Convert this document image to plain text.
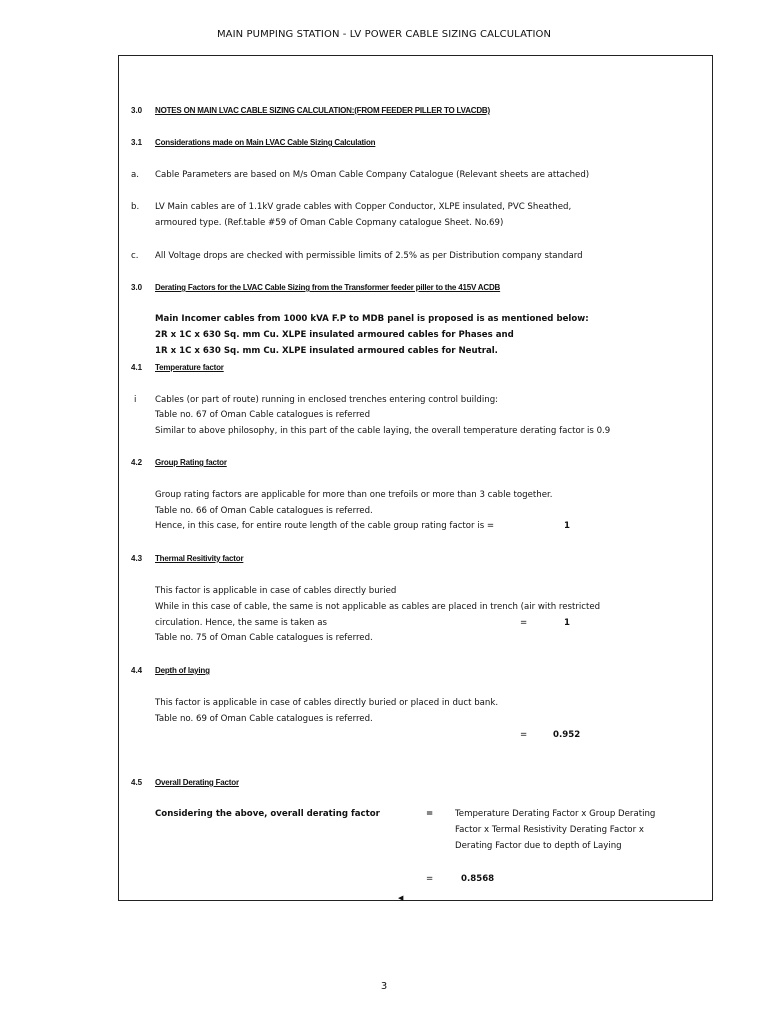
MAIN PUMPING STATION - LV POWER CABLE SIZING CALCULATION
3.0 NOTES ON MAIN LVAC CABLE SIZING CALCULATION:(FROM FEEDER PILLER TO LVACDB)
3.1 Considerations made on Main LVAC Cable Sizing Calculation
a. Cable Parameters are based on M/s Oman Cable Company Catalogue (Relevant sheets are attached)
b. LV Main cables are of 1.1kV grade cables with Copper Conductor, XLPE insulated, PVC Sheathed,
armoured type. (Ref.table #59 of Oman Cable Copmany catalogue Sheet. No.69)
c. All Voltage drops are checked with permissible limits of 2.5% as per Distribution company standard
3.0 Derating Factors for the LVAC Cable Sizing from the Transformer feeder piller to the 415V ACDB
Main Incomer cables from 1000 kVA F.P to MDB panel is proposed is as mentioned below:
2R x 1C x 630 Sq. mm Cu. XLPE insulated armoured cables for Phases and
1R x 1C x 630 Sq. mm Cu. XLPE insulated armoured cables for Neutral.
4.1 Temperature factor
i Cables (or part of route) running in enclosed trenches entering control building:
Table no. 67 of Oman Cable catalogues is referred
Similar to above philosophy, in this part of the cable laying, the overall temperature derating factor is 0.9
4.2 Group Rating factor
Group rating factors are applicable for more than one trefoils or more than 3 cable together.
Table no. 66 of Oman Cable catalogues is referred.
Hence, in this case, for entire route length of the cable group rating factor is =	1
4.3 Thermal Resitivity factor
This factor is applicable in case of cables directly buried
While in this case of cable, the same is not applicable as cables are placed in trench (air with restricted
circulation. Hence, the same is taken as	=	1
Table no. 75 of Oman Cable catalogues is referred.
4.4 Depth of laying
This factor is applicable in case of cables directly buried or placed in duct bank.
Table no. 69 of Oman Cable catalogues is referred.
=	0.952
4.5 Overall Derating Factor
Considering the above, overall derating factor	=	Temperature Derating Factor x Group Derating
Factor x Termal Resistivity Derating Factor x
Derating Factor due to depth of Laying
=	0.8568
◀
3
